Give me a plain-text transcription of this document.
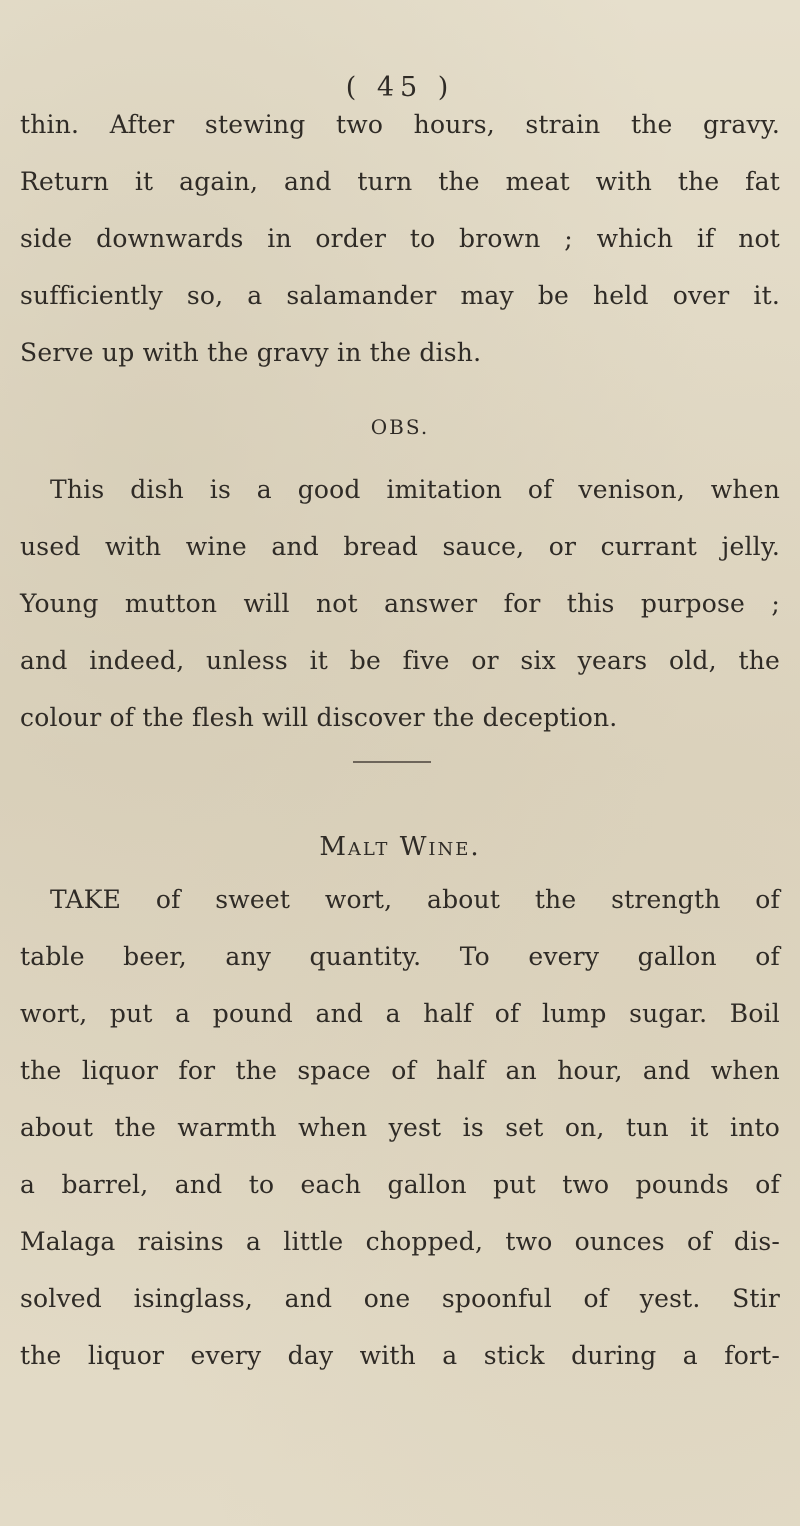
( 45 )
thin. After stewing two hours, strain the gravy.
Return it again, and turn the meat with the fat
side downwards in order to brown ; which if not
sufficiently so, a salamander may be held over it.
Serve up with the gravy in the dish.
OBS.
This dish is a good imitation of venison, when
used with wine and bread sauce, or currant jelly.
Young mutton will not answer for this purpose ;
and indeed, unless it be five or six years old, the
colour of the flesh will discover the deception.
Malt Wine.
TAKE of sweet wort, about the strength of
table beer, any quantity. To every gallon of
wort, put a pound and a half of lump sugar. Boil
the liquor for the space of half an hour, and when
about the warmth when yest is set on, tun it into
a barrel, and to each gallon put two pounds of
Malaga raisins a little chopped, two ounces of dis-
solved isinglass, and one spoonful of yest. Stir
the liquor every day with a stick during a fort-
